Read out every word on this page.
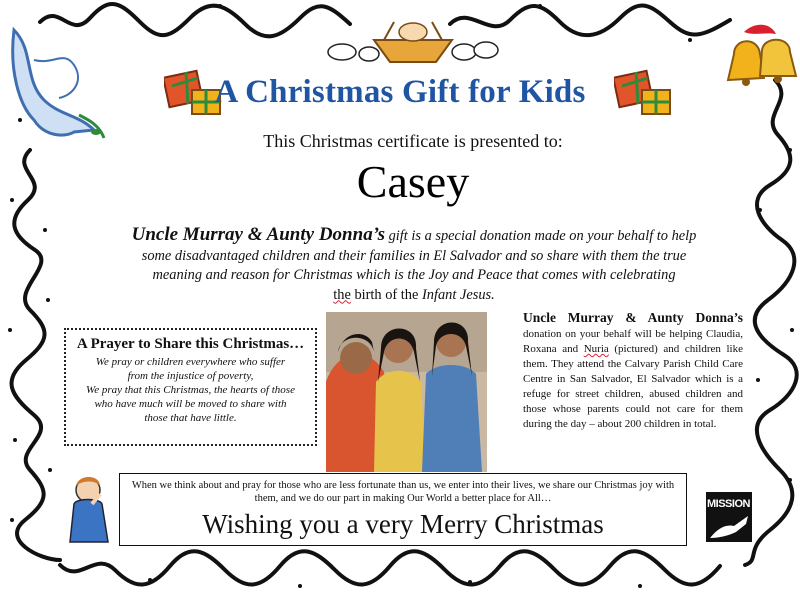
A Christmas Gift for Kids
This Christmas certificate is presented to:
Casey
Uncle Murray & Aunty Donna’s gift is a special donation made on your behalf to help
some disadvantaged children and their families in El Salvador and so share with them the true
meaning and reason for Christmas which is the Joy and Peace that comes with celebrating
the birth of the Infant Jesus.
A Prayer to Share this Christmas…
We pray or children everywhere who suffer
from the injustice of poverty,
We pray that this Christmas, the hearts of those
who have much will be moved to share with
those that have little.
Uncle Murray & Aunty Donna’s donation on your behalf will be helping Claudia, Roxana and Nuria (pictured) and children like them. They attend the Calvary Parish Child Care Centre in San Salvador, El Salvador which is a refuge for street children, abused children and those whose parents could not care for them during the day – about 200 children in total.
When we think about and pray for those who are less fortunate than us, we enter into their lives, we share our Christmas joy with them, and we do our part in making Our World a better place for All…
Wishing you a very Merry Christmas
MISSION
